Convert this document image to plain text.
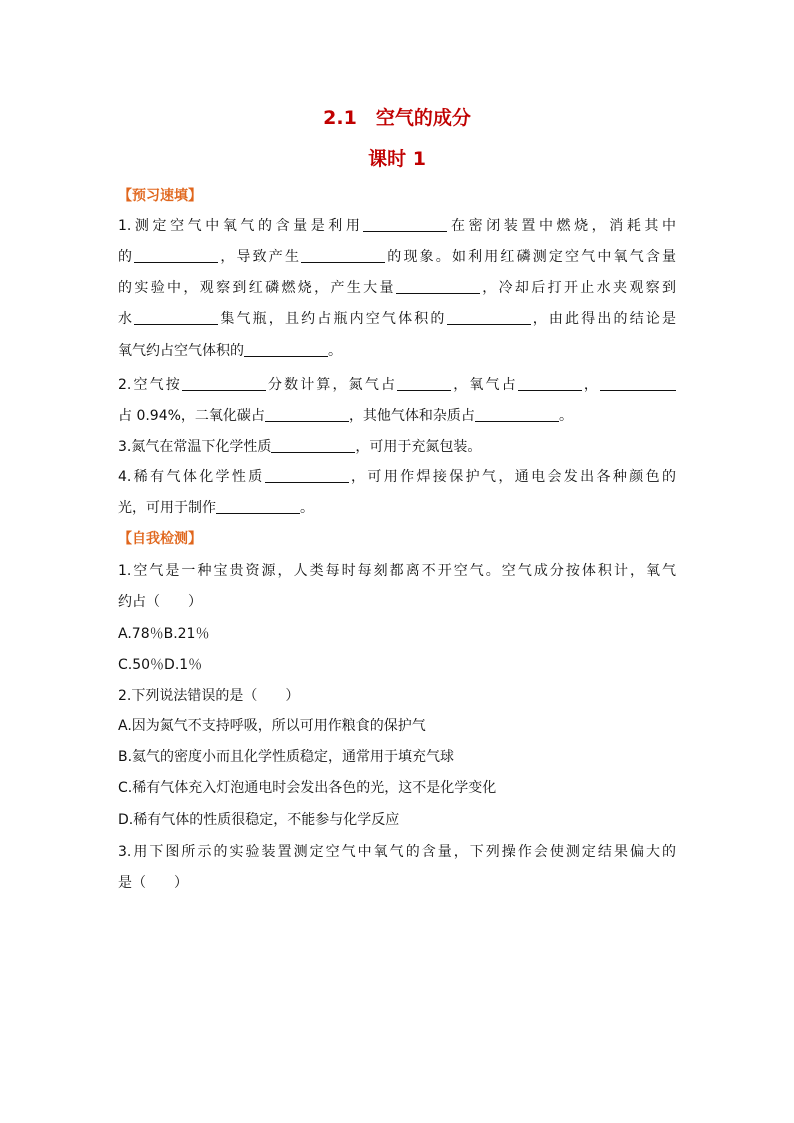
2.1　空气的成分
课时 1
【预习速填】
1.测定空气中氧气的含量是利用	在密闭装置中燃烧，消耗其中
的	，导致产生	的现象。如利用红磷测定空气中氧气含量
的实验中，观察到红磷燃烧，产生大量	，冷却后打开止水夹观察到
水	集气瓶，且约占瓶内空气体积的	，由此得出的结论是
氧气约占空气体积的	。
2.空气按	分数计算，氮气占	，氧气占	，
占 0.94%，二氧化碳占	，其他气体和杂质占	。
3.氮气在常温下化学性质	，可用于充氮包装。
4.稀有气体化学性质	，可用作焊接保护气，通电会发出各种颜色的
光，可用于制作	。
【自我检测】
1.空气是一种宝贵资源，人类每时每刻都离不开空气。空气成分按体积计，氧气
约占（　　）
A.78％B.21％
C.50％D.1％
2.下列说法错误的是（　　）
A.因为氮气不支持呼吸，所以可用作粮食的保护气
B.氦气的密度小而且化学性质稳定，通常用于填充气球
C.稀有气体充入灯泡通电时会发出各色的光，这不是化学变化
D.稀有气体的性质很稳定，不能参与化学反应
3.用下图所示的实验装置测定空气中氧气的含量，下列操作会使测定结果偏大的
是（　　）
